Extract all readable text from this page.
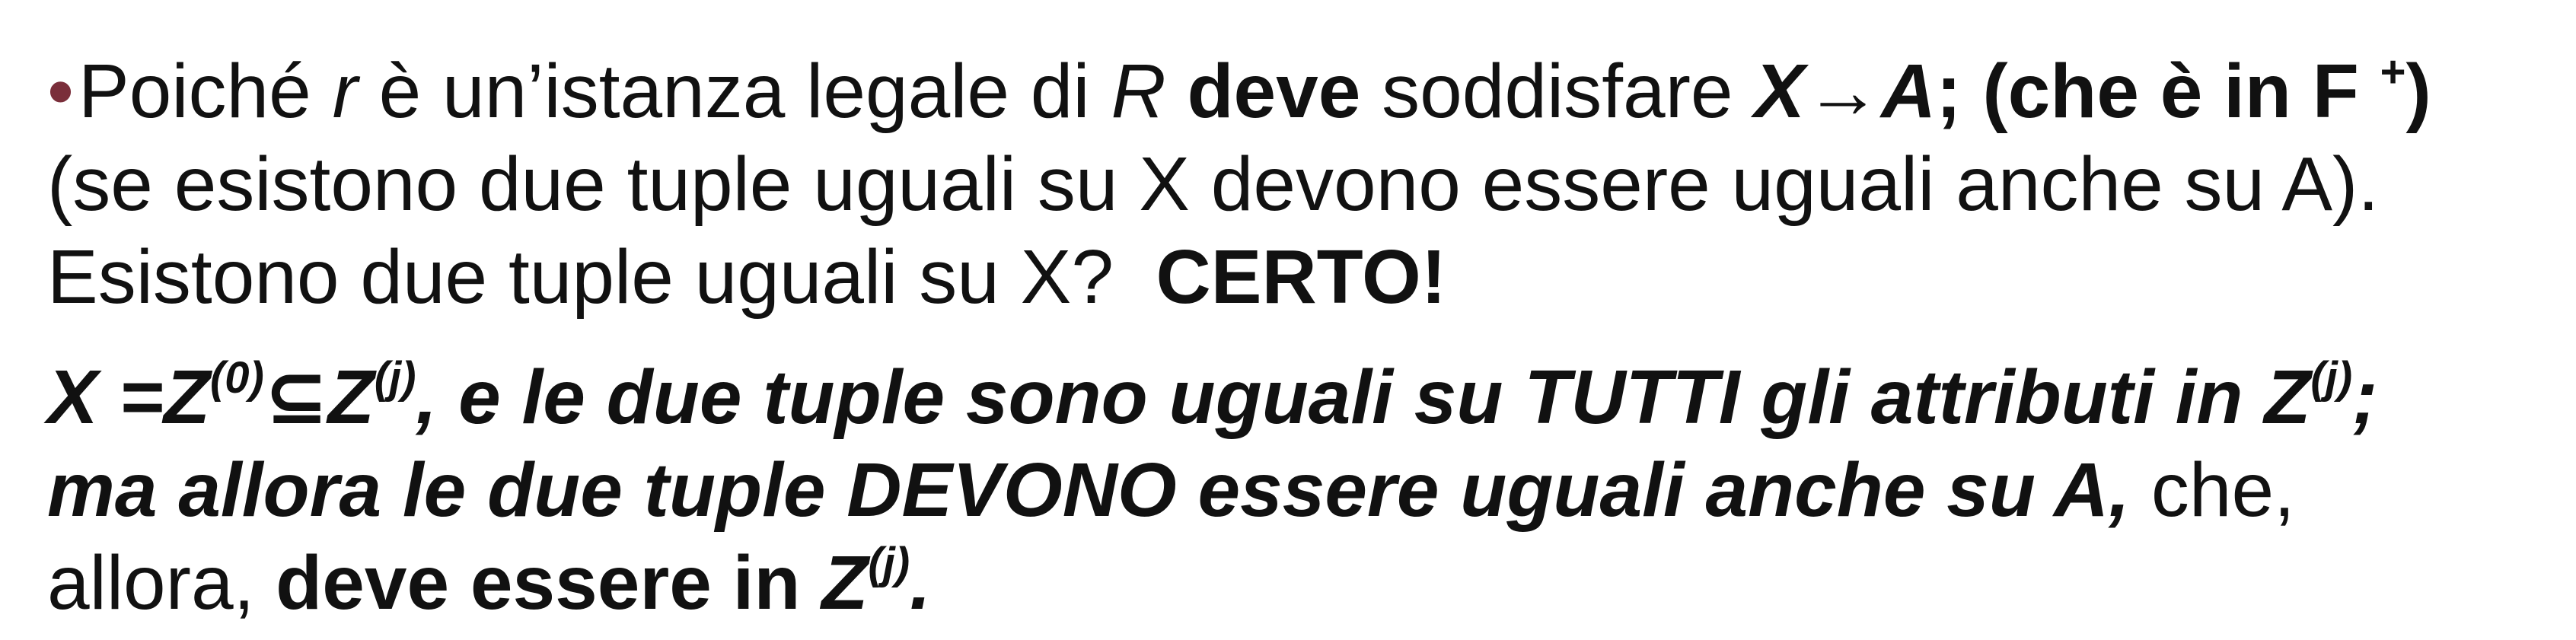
•Poiché r è un’istanza legale di R deve soddisfare X→A; (che è in F +)
(se esistono due tuple uguali su X devono essere uguali anche su A).
Esistono due tuple uguali su X?  CERTO!
$X =Z^{(0)}⊆Z^{(j)}$, e le due tuple sono uguali su TUTTI gli attributi in $Z^{(j)}$;
ma allora le due tuple DEVONO essere uguali anche su A, che,
allora, deve essere in $Z^{(j)}$.
